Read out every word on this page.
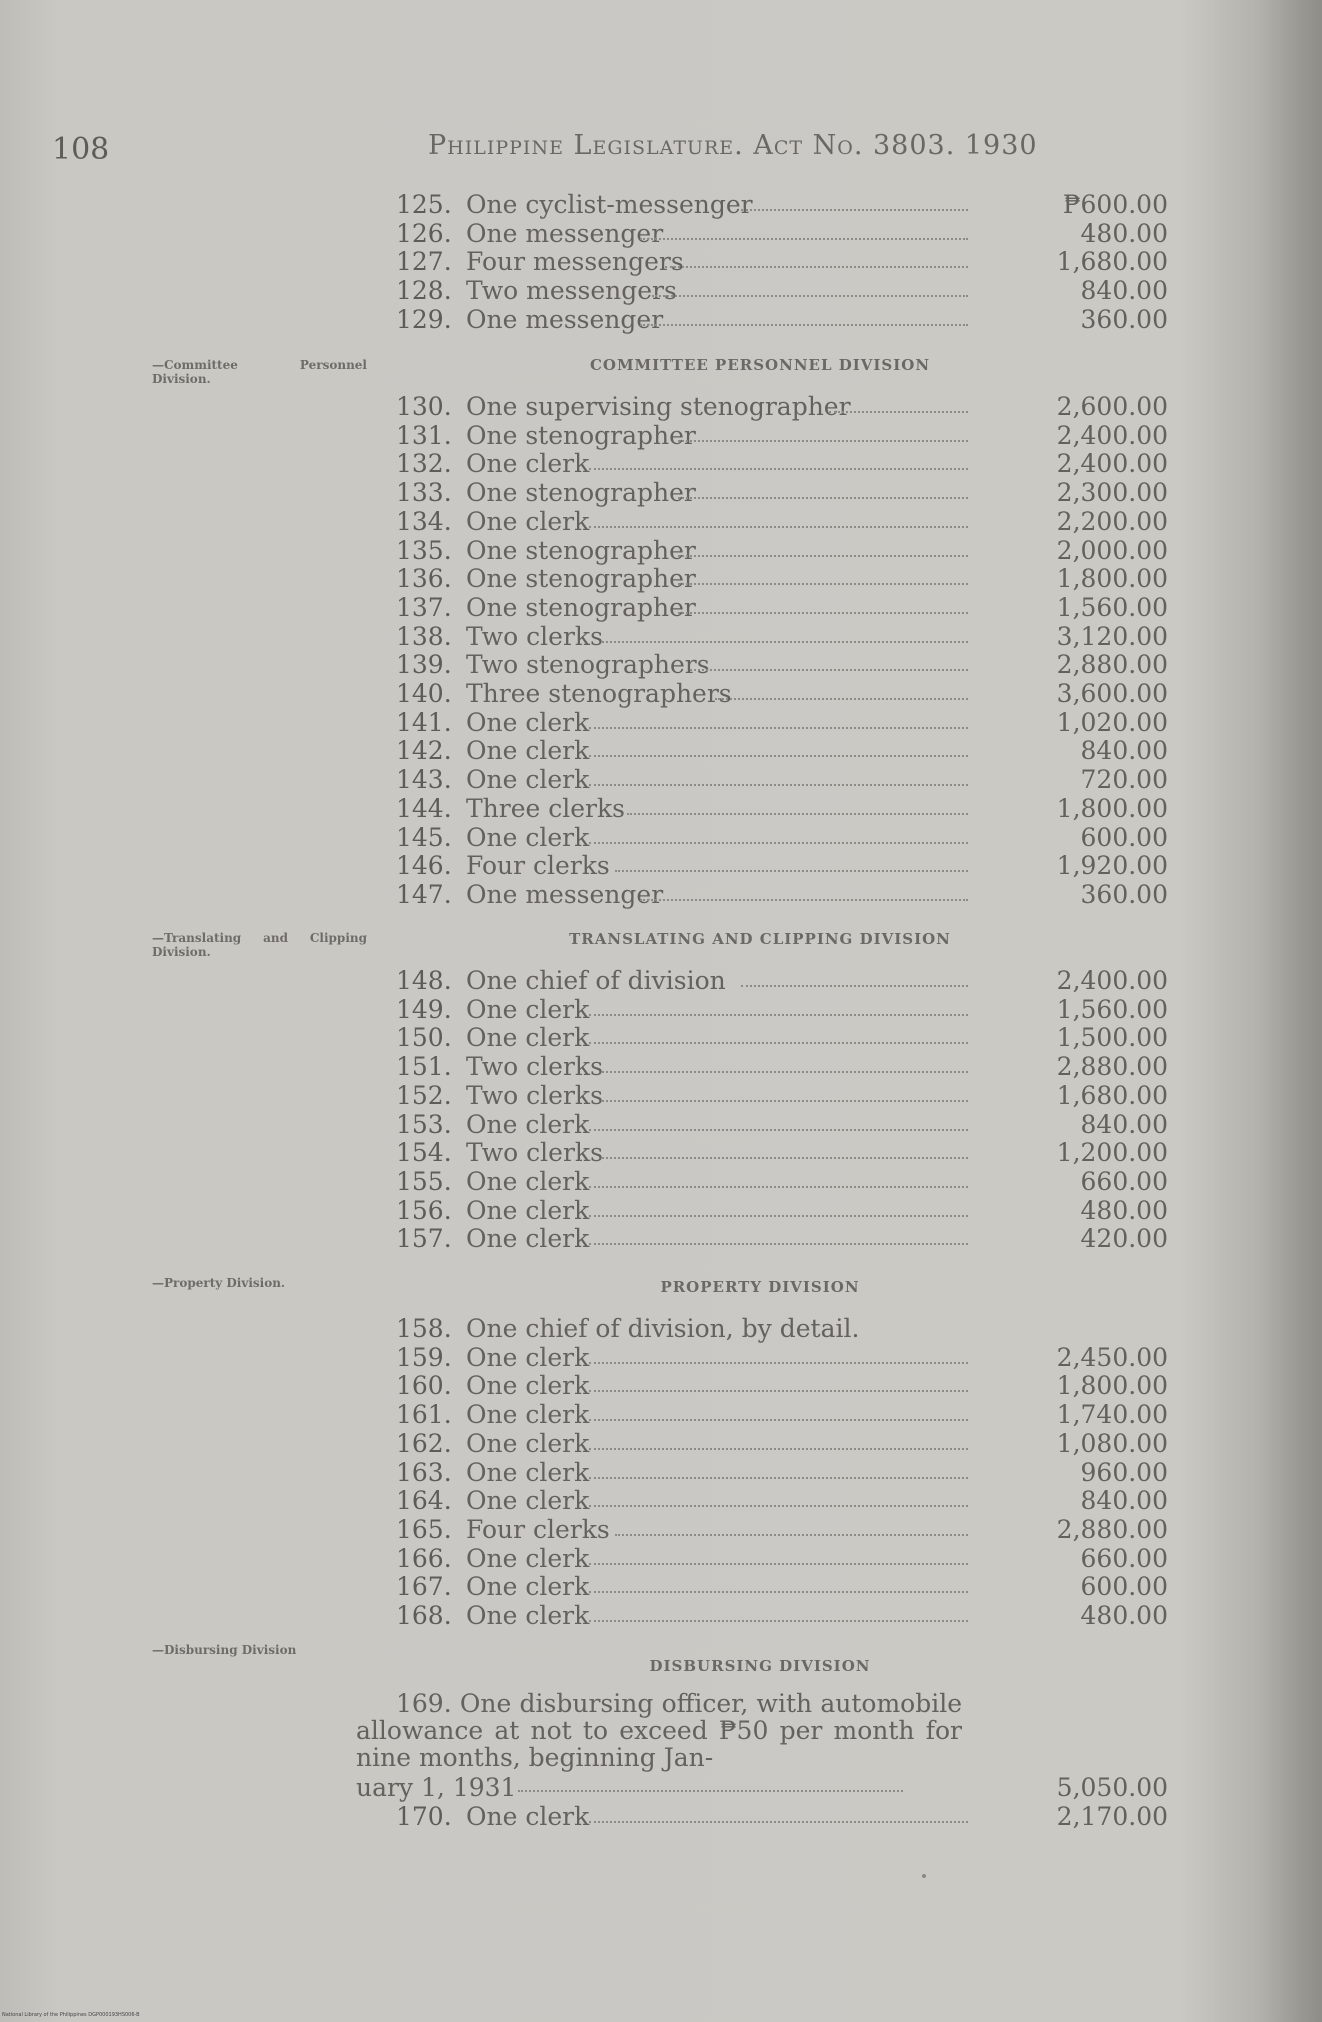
108	Philippine Legislature. Act No. 3803. 1930
125. One cyclist-messenger	₱600.00
126. One messenger	480.00
127. Four messengers	1,680.00
128. Two messengers	840.00
129. One messenger	360.00
—Committee Personnel Division.
COMMITTEE PERSONNEL DIVISION
130. One supervising stenographer	2,600.00
131. One stenographer	2,400.00
132. One clerk	2,400.00
133. One stenographer	2,300.00
134. One clerk	2,200.00
135. One stenographer	2,000.00
136. One stenographer	1,800.00
137. One stenographer	1,560.00
138. Two clerks	3,120.00
139. Two stenographers	2,880.00
140. Three stenographers	3,600.00
141. One clerk	1,020.00
142. One clerk	840.00
143. One clerk	720.00
144. Three clerks	1,800.00
145. One clerk	600.00
146. Four clerks	1,920.00
147. One messenger	360.00
—Translating and Clipping Division.
TRANSLATING AND CLIPPING DIVISION
148. One chief of division	2,400.00
149. One clerk	1,560.00
150. One clerk	1,500.00
151. Two clerks	2,880.00
152. Two clerks	1,680.00
153. One clerk	840.00
154. Two clerks	1,200.00
155. One clerk	660.00
156. One clerk	480.00
157. One clerk	420.00
—Property Division.	PROPERTY DIVISION
158. One chief of division, by detail.
159. One clerk	2,450.00
160. One clerk	1,800.00
161. One clerk	1,740.00
162. One clerk	1,080.00
163. One clerk	960.00
164. One clerk	840.00
165. Four clerks	2,880.00
166. One clerk	660.00
167. One clerk	600.00
168. One clerk	480.00
—Disbursing Division
DISBURSING DIVISION
169. One disbursing officer, with automobile allowance at not to exceed ₱50 per month for nine months, beginning Jan-
uary 1, 1931	5,050.00
170. One clerk	2,170.00
National Library of the Philippines DGP000193HS006-B
